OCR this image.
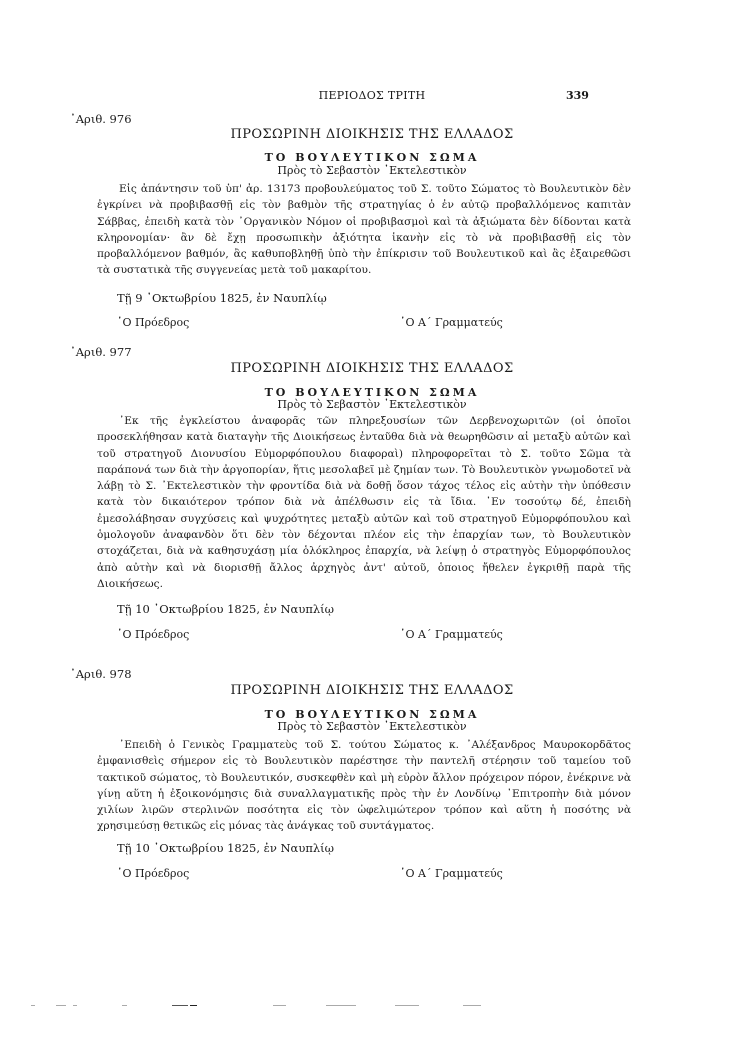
ΠΕΡΙΟΔΟΣ ΤΡΙΤΗ	339
᾿Αριθ. 976
ΠΡΟΣΩΡΙΝΗ ΔΙΟΙΚΗΣΙΣ ΤΗΣ ΕΛΛΑΔΟΣ
ΤΟ ΒΟΥΛΕΥΤΙΚΟΝ ΣΩΜΑ
Πρὸς τὸ Σεβαστὸν ᾿Εκτελεστικὸν

Εἰς ἀπάντησιν τοῦ ὑπ' ἀρ. 13173 προβουλεύματος τοῦ Σ. τοῦτο Σώματος τὸ Βουλευτικὸν δὲν ἐγκρίνει νὰ προβιβασθῇ εἰς τὸν βαθμὸν τῆς στρατηγίας ὁ ἐν αὐτῷ προβαλλόμενος καπιτὰν Σάββας, ἐπειδὴ κατὰ τὸν ᾿Οργανικὸν Νόμον οἱ προβιβασμοὶ καὶ τὰ ἀξιώματα δὲν δίδονται κατὰ κληρονομίαν· ἂν δὲ ἔχῃ προσωπικὴν ἀξιότητα ἱκανὴν εἰς τὸ νὰ προβιβασθῇ εἰς τὸν προβαλλόμενον βαθμόν, ἂς καθυποβληθῇ ὑπὸ τὴν ἐπίκρισιν τοῦ Βουλευτικοῦ καὶ ἂς ἐξαιρεθῶσι τὰ συστατικὰ τῆς συγγενείας μετὰ τοῦ μακαρίτου.

Τῇ 9 ᾿Οκτωβρίου 1825, ἐν Ναυπλίῳ
῾Ο Πρόεδρος	῾Ο Α΄ Γραμματεύς
᾿Αριθ. 977
ΠΡΟΣΩΡΙΝΗ ΔΙΟΙΚΗΣΙΣ ΤΗΣ ΕΛΛΑΔΟΣ
ΤΟ ΒΟΥΛΕΥΤΙΚΟΝ ΣΩΜΑ
Πρὸς τὸ Σεβαστὸν ᾿Εκτελεστικὸν

᾿Εκ τῆς ἐγκλείστου ἀναφορᾶς τῶν πληρεξουσίων τῶν Δερβενοχωριτῶν (οἱ ὁποῖοι προσεκλήθησαν κατὰ διαταγὴν τῆς Διοικήσεως ἐνταῦθα διὰ νὰ θεωρηθῶσιν αἱ μεταξὺ αὐτῶν καὶ τοῦ στρατηγοῦ Διονυσίου Εὐμορφόπουλου διαφοραὶ) πληροφορεῖται τὸ Σ. τοῦτο Σῶμα τὰ παράπονά των διὰ τὴν ἀργοπορίαν, ἥτις μεσολαβεῖ μὲ ζημίαν των. Τὸ Βουλευτικὸν γνωμοδοτεῖ νὰ λάβῃ τὸ Σ. ᾿Εκτελεστικὸν τὴν φροντίδα διὰ νὰ δοθῇ ὅσον τάχος τέλος εἰς αὐτὴν τὴν ὑπόθεσιν κατὰ τὸν δικαιότερον τρόπον διὰ νὰ ἀπέλθωσιν εἰς τὰ ἴδια. ᾿Εν τοσούτῳ δέ, ἐπειδὴ ἐμεσολάβησαν συγχύσεις καὶ ψυχρότητες μεταξὺ αὐτῶν καὶ τοῦ στρατηγοῦ Εὐμορφόπουλου καὶ ὁμολογοῦν ἀναφανδὸν ὅτι δὲν τὸν δέχονται πλέον εἰς τὴν ἐπαρχίαν των, τὸ Βουλευτικὸν στοχάζεται, διὰ νὰ καθησυχάσῃ μία ὁλόκληρος ἐπαρχία, νὰ λείψῃ ὁ στρατηγὸς Εὐμορφόπουλος ἀπὸ αὐτὴν καὶ νὰ διορισθῇ ἄλλος ἀρχηγὸς ἀντ' αὐτοῦ, ὁποιος ἤθελεν ἐγκριθῇ παρὰ τῆς Διοικήσεως.

Τῇ 10 ᾿Οκτωβρίου 1825, ἐν Ναυπλίῳ
῾Ο Πρόεδρος	῾Ο Α΄ Γραμματεύς
᾿Αριθ. 978
ΠΡΟΣΩΡΙΝΗ ΔΙΟΙΚΗΣΙΣ ΤΗΣ ΕΛΛΑΔΟΣ
ΤΟ ΒΟΥΛΕΥΤΙΚΟΝ ΣΩΜΑ
Πρὸς τὸ Σεβαστὸν ᾿Εκτελεστικὸν

᾿Επειδὴ ὁ Γενικὸς Γραμματεὺς τοῦ Σ. τούτου Σώματος κ. ᾿Αλέξανδρος Μαυροκορδᾶτος ἐμφανισθεὶς σήμερον εἰς τὸ Βουλευτικὸν παρέστησε τὴν παντελῆ στέρησιν τοῦ ταμείου τοῦ τακτικοῦ σώματος, τὸ Βουλευτικόν, συσκεφθὲν καὶ μὴ εὑρὸν ἄλλον πρόχειρον πόρον, ἐνέκρινε νὰ γίνῃ αὕτη ἡ ἐξοικονόμησις διὰ συναλλαγματικῆς πρὸς τὴν ἐν Λονδίνῳ ᾿Επιτροπὴν διὰ μόνον χιλίων λιρῶν στερλινῶν ποσότητα εἰς τὸν ὠφελιμώτερον τρόπον καὶ αὕτη ἡ ποσότης νὰ χρησιμεύσῃ θετικῶς εἰς μόνας τὰς ἀνάγκας τοῦ συντάγματος.

Τῇ 10 ᾿Οκτωβρίου 1825, ἐν Ναυπλίῳ
῾Ο Πρόεδρος	῾Ο Α΄ Γραμματεύς
